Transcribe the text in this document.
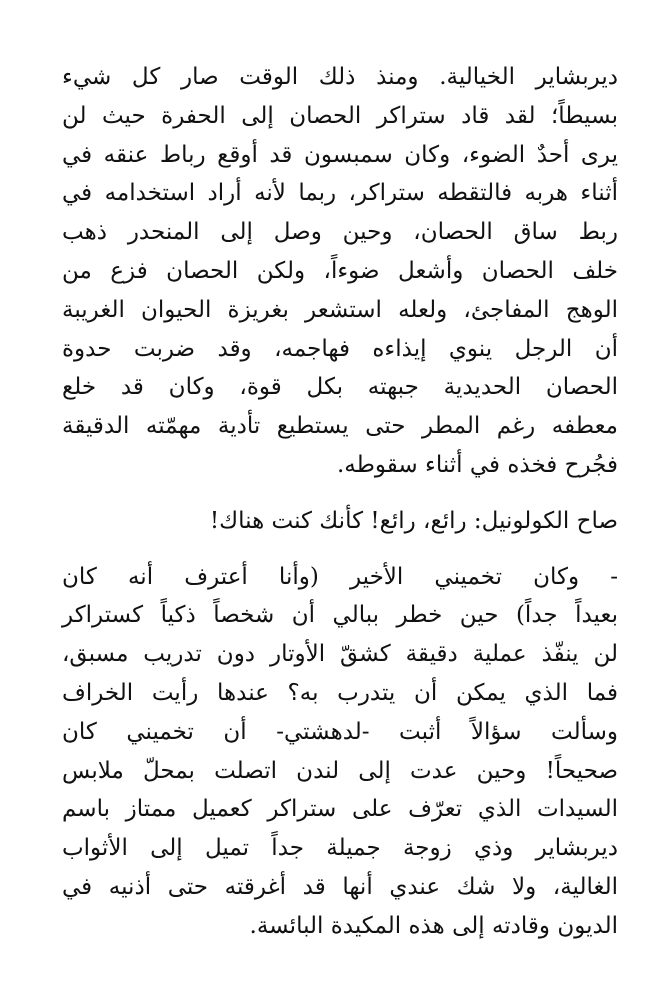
ديربشاير الخيالية. ومنذ ذلك الوقت صار كل شيء
بسيطاً؛ لقد قاد ستراكر الحصان إلى الحفرة حيث لن
يرى أحدٌ الضوء، وكان سمبسون قد أوقع رباط عنقه في
أثناء هربه فالتقطه ستراكر، ربما لأنه أراد استخدامه في
ربط ساق الحصان، وحين وصل إلى المنحدر ذهب
خلف الحصان وأشعل ضوءاً، ولكن الحصان فزع من
الوهج المفاجئ، ولعله استشعر بغريزة الحيوان الغريبة
أن الرجل ينوي إيذاءه فهاجمه، وقد ضربت حدوة
الحصان الحديدية جبهته بكل قوة، وكان قد خلع
معطفه رغم المطر حتى يستطيع تأدية مهمّته الدقيقة
فجُرح فخذه في أثناء سقوطه.
صاح الكولونيل: رائع، رائع! كأنك كنت هناك!
- وكان تخميني الأخير (وأنا أعترف أنه كان
بعيداً جداً) حين خطر ببالي أن شخصاً ذكياً كستراكر
لن ينفّذ عملية دقيقة كشقّ الأوتار دون تدريب مسبق،
فما الذي يمكن أن يتدرب به؟ عندها رأيت الخراف
وسألت سؤالاً أثبت -لدهشتي- أن تخميني كان
صحيحاً! وحين عدت إلى لندن اتصلت بمحلّ ملابس
السيدات الذي تعرّف على ستراكر كعميل ممتاز باسم
ديربشاير وذي زوجة جميلة جداً تميل إلى الأثواب
الغالية، ولا شك عندي أنها قد أغرقته حتى أذنيه في
الديون وقادته إلى هذه المكيدة البائسة.
